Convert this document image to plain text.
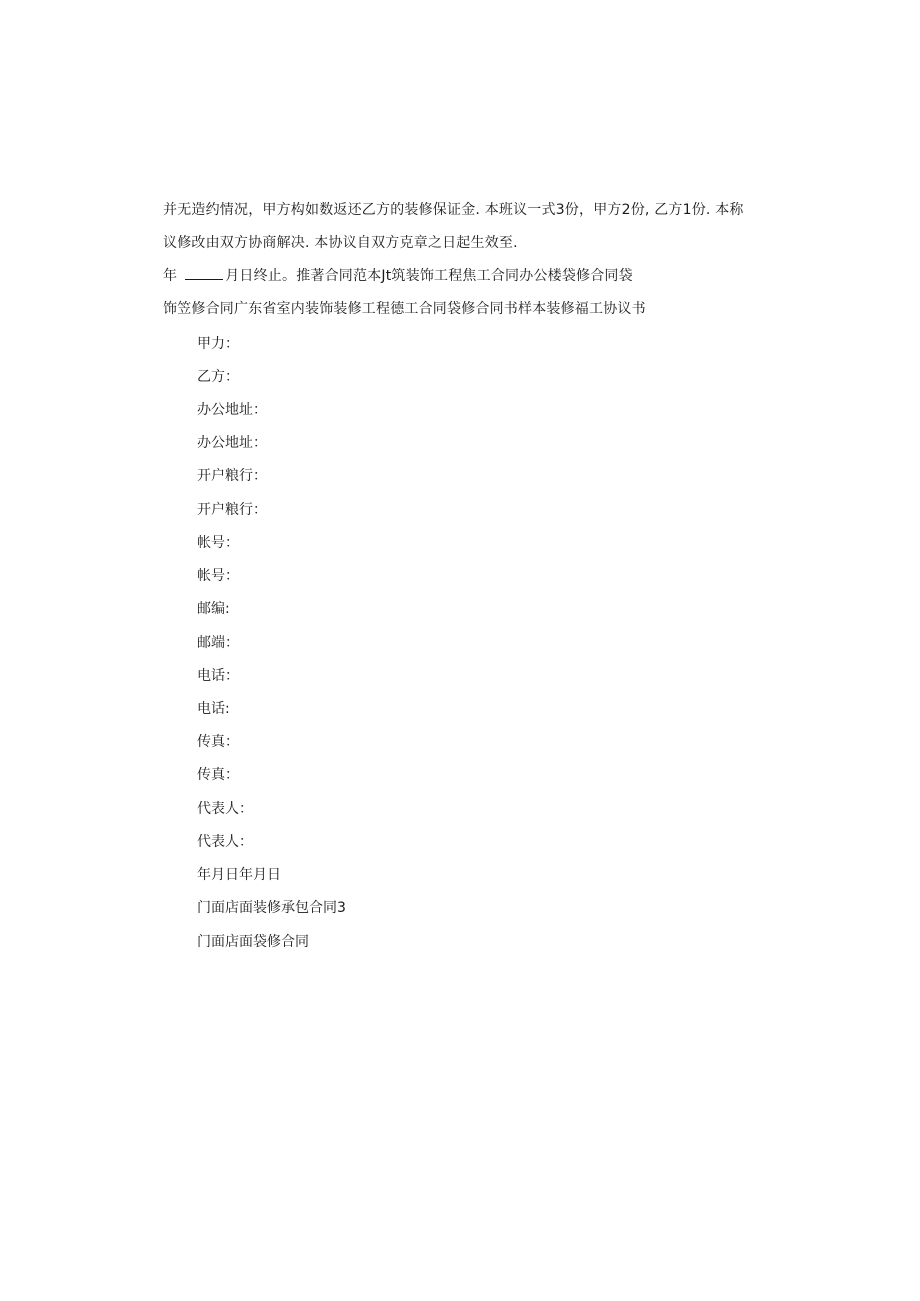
并无造约情况，甲方构如数返还乙方的装修保证金. 本班议一式3份，甲方2份, 乙方1份. 本称
议修改由双方协商解决. 本协议自双方克章之日起生效至.
年	月日终止。推著合同范本Jt筑装饰工程焦工合同办公楼袋修合同袋
饰笠修合同广东省室内装饰装修工程德工合同袋修合同书样本装修福工协议书
甲力：
乙方：
办公地址：
办公地址：
开户粮行：
开户粮行：
帐号：
帐号：
邮编:
邮端：
电话：
电话:
传真：
传真：
代表人：
代表人：
年月日年月日
门面店面装修承包合同3
门面店面袋修合同
